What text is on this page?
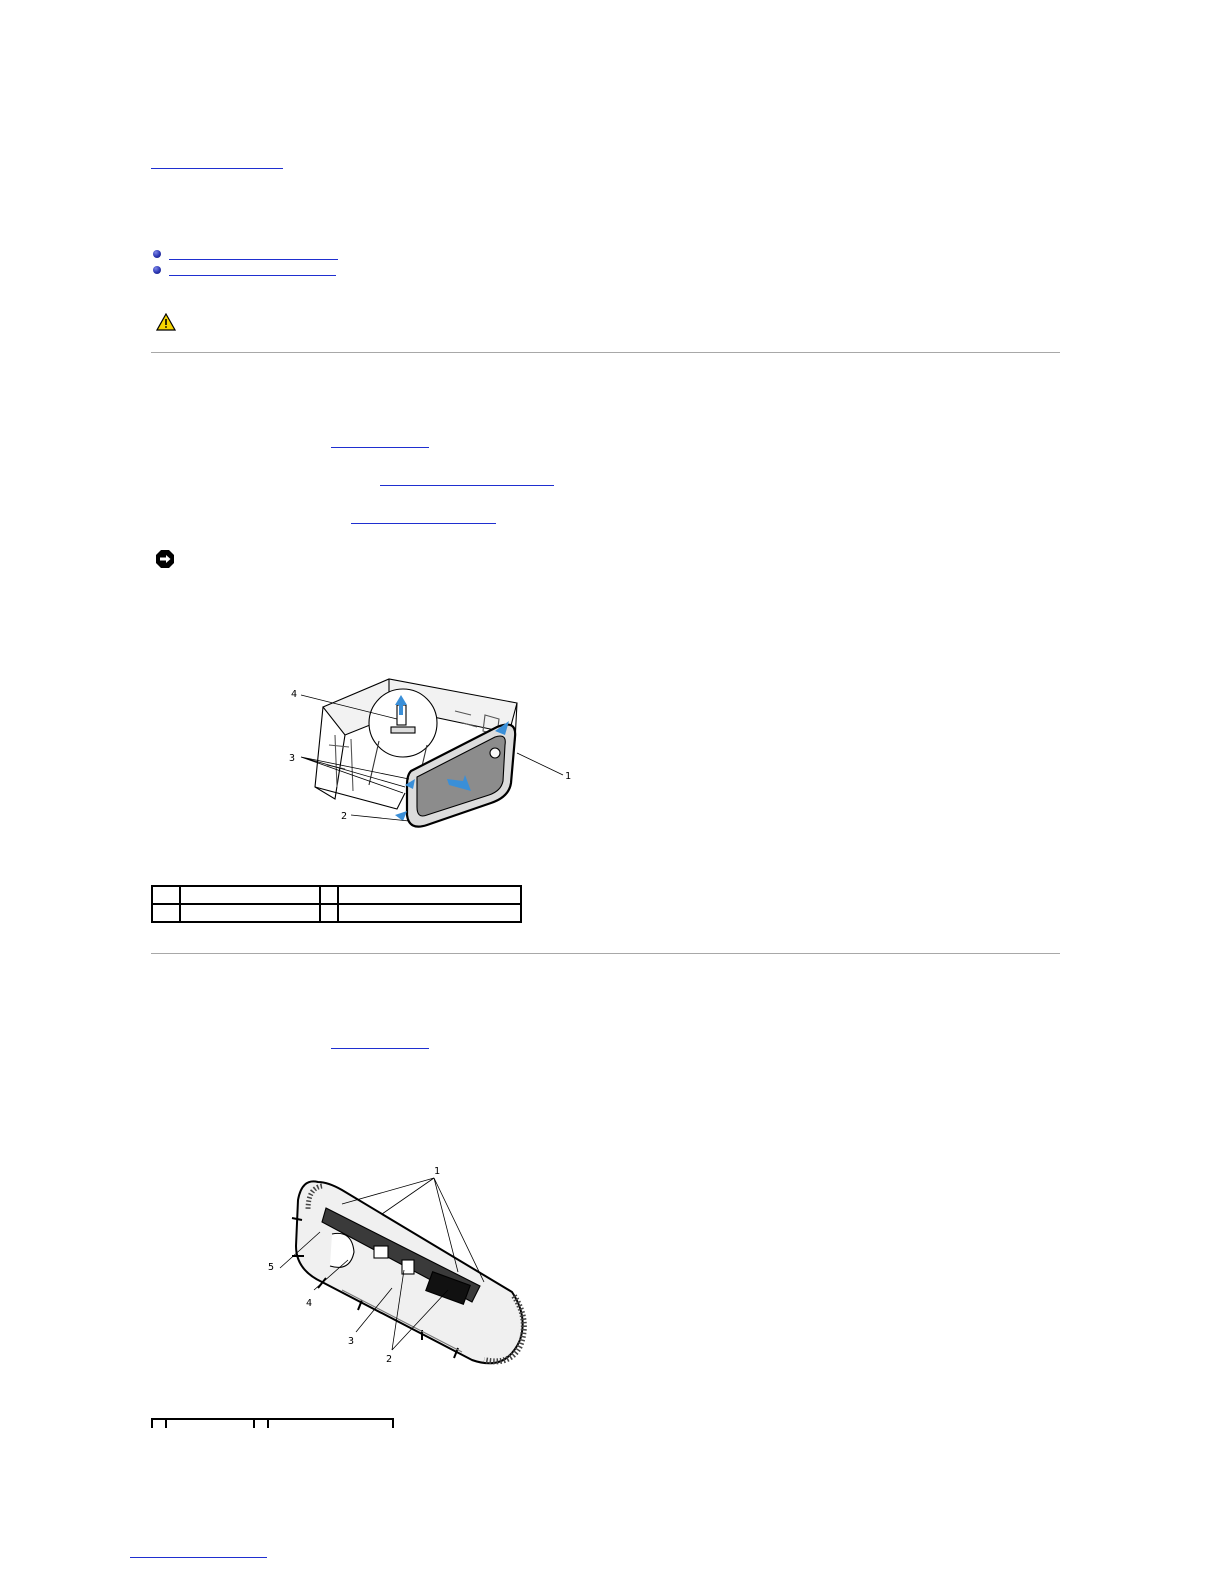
4
3
2
1

1
5
4
3
2
